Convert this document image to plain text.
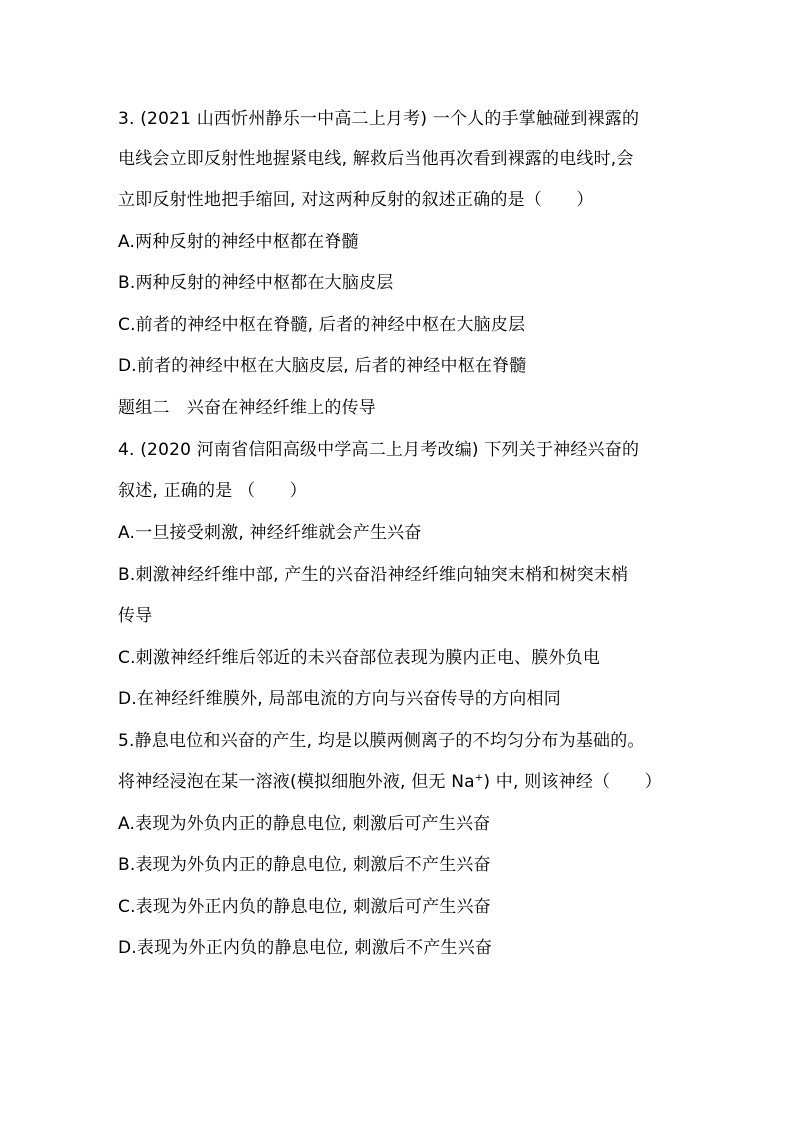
3. (2021 山西忻州静乐一中高二上月考) 一个人的手掌触碰到裸露的
电线会立即反射性地握紧电线, 解救后当他再次看到裸露的电线时,会
立即反射性地把手缩回, 对这两种反射的叙述正确的是（　　）
A.两种反射的神经中枢都在脊髓
B.两种反射的神经中枢都在大脑皮层
C.前者的神经中枢在脊髓, 后者的神经中枢在大脑皮层
D.前者的神经中枢在大脑皮层, 后者的神经中枢在脊髓
题组二　兴奋在神经纤维上的传导
4. (2020 河南省信阳高级中学高二上月考改编) 下列关于神经兴奋的
叙述, 正确的是 （　　）
A.一旦接受刺激, 神经纤维就会产生兴奋
B.刺激神经纤维中部, 产生的兴奋沿神经纤维向轴突末梢和树突末梢
传导
C.刺激神经纤维后邻近的未兴奋部位表现为膜内正电、膜外负电
D.在神经纤维膜外, 局部电流的方向与兴奋传导的方向相同
5.静息电位和兴奋的产生, 均是以膜两侧离子的不均匀分布为基础的。
将神经浸泡在某一溶液(模拟细胞外液, 但无 Na+) 中, 则该神经（　　）
A.表现为外负内正的静息电位, 刺激后可产生兴奋
B.表现为外负内正的静息电位, 刺激后不产生兴奋
C.表现为外正内负的静息电位, 刺激后可产生兴奋
D.表现为外正内负的静息电位, 刺激后不产生兴奋
